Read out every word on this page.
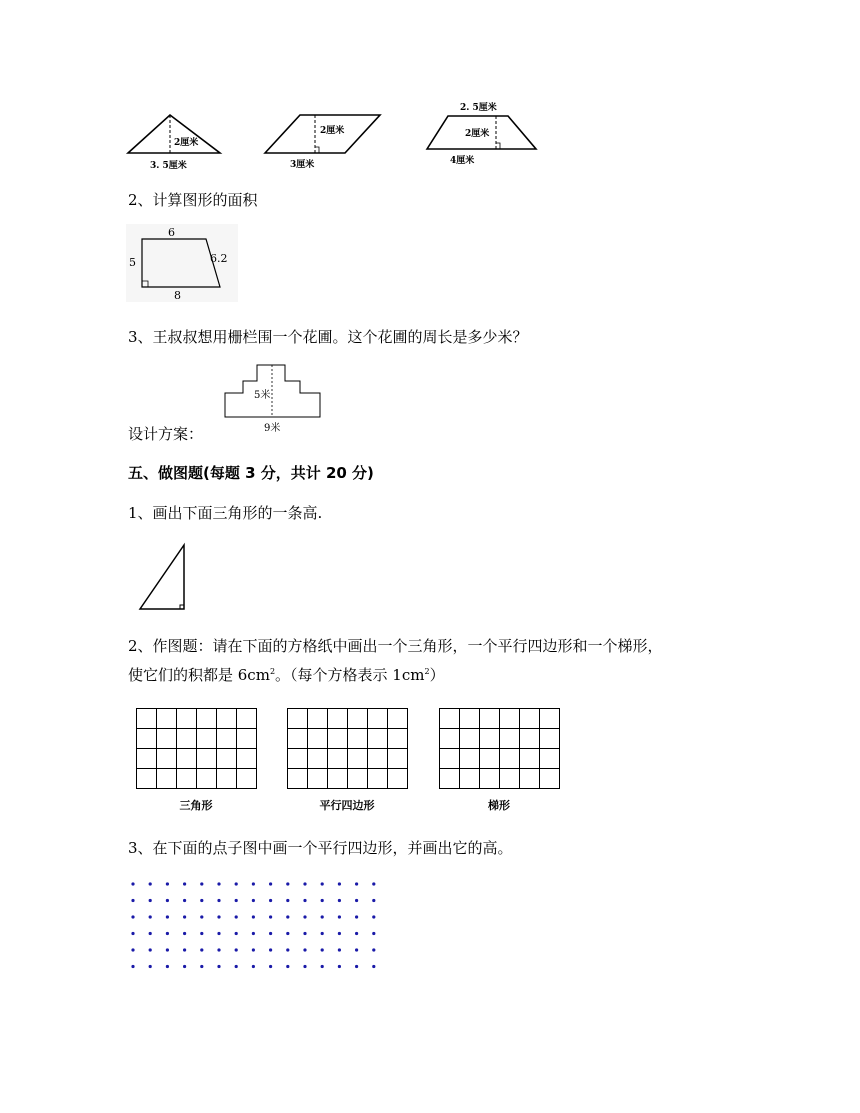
2厘米
3. 5厘米
2厘米
3厘米
2. 5厘米
2厘米
4厘米
2、计算图形的面积
6
5	6.2
8
3、王叔叔想用栅栏围一个花圃。这个花圃的周长是多少米？
5米
9米
设计方案：
五、做图题(每题 3 分，共计 20 分)
1、画出下面三角形的一条高.
2、作图题：请在下面的方格纸中画出一个三角形，一个平行四边形和一个梯形，
使它们的积都是 $6cm^2$。（每个方格表示 $1cm^2$）
三角形	平行四边形	梯形
3、在下面的点子图中画一个平行四边形，并画出它的高。
